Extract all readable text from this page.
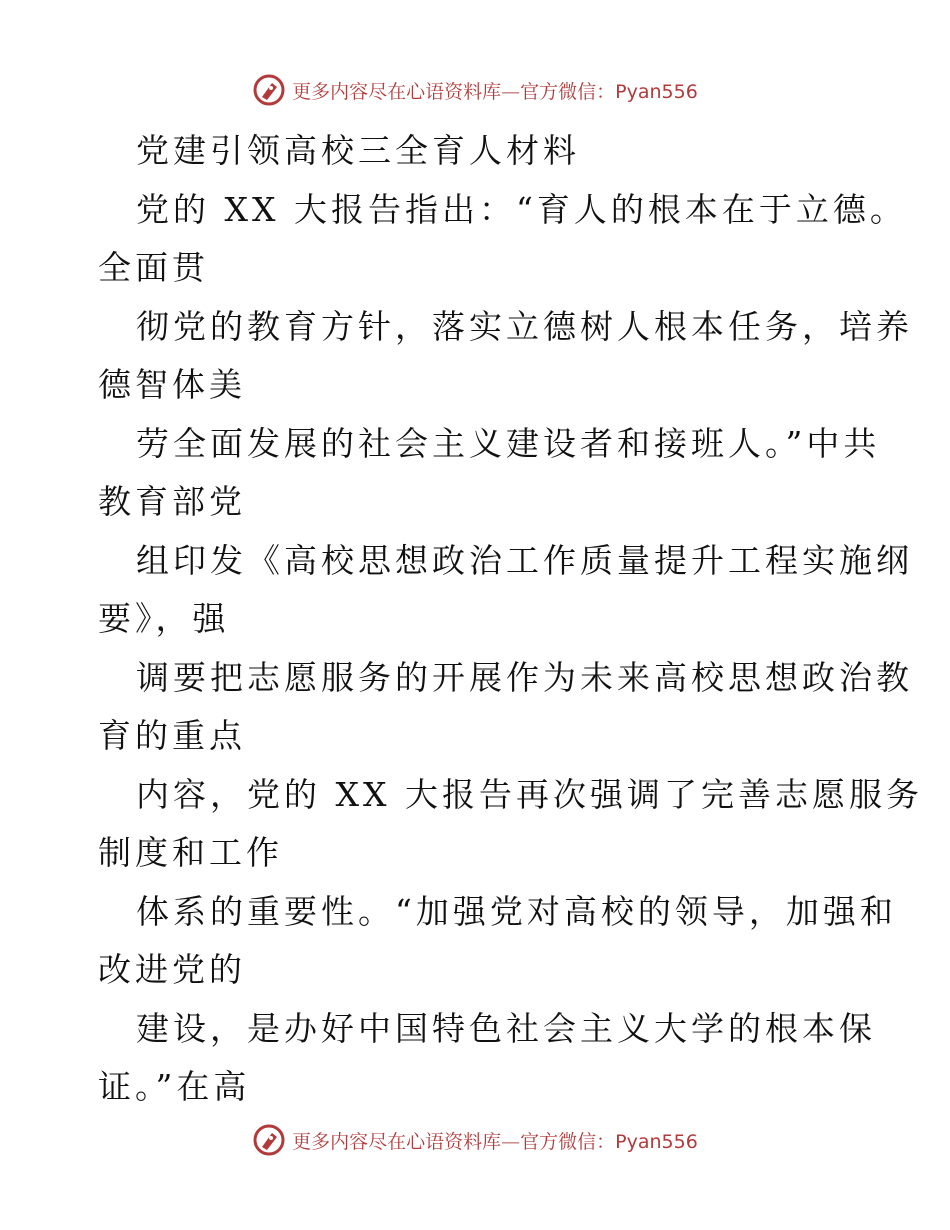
更多内容尽在心语资料库—官方微信：Pyan556
党建引领高校三全育人材料
党的 XX 大报告指出：“育人的根本在于立德。
全面贯
彻党的教育方针，落实立德树人根本任务，培养
德智体美
劳全面发展的社会主义建设者和接班人。”中共
教育部党
组印发《高校思想政治工作质量提升工程实施纲
要》，强
调要把志愿服务的开展作为未来高校思想政治教
育的重点
内容，党的 XX 大报告再次强调了完善志愿服务
制度和工作
体系的重要性。“加强党对高校的领导，加强和
改进党的
建设，是办好中国特色社会主义大学的根本保
证。”在高
更多内容尽在心语资料库—官方微信：Pyan556
